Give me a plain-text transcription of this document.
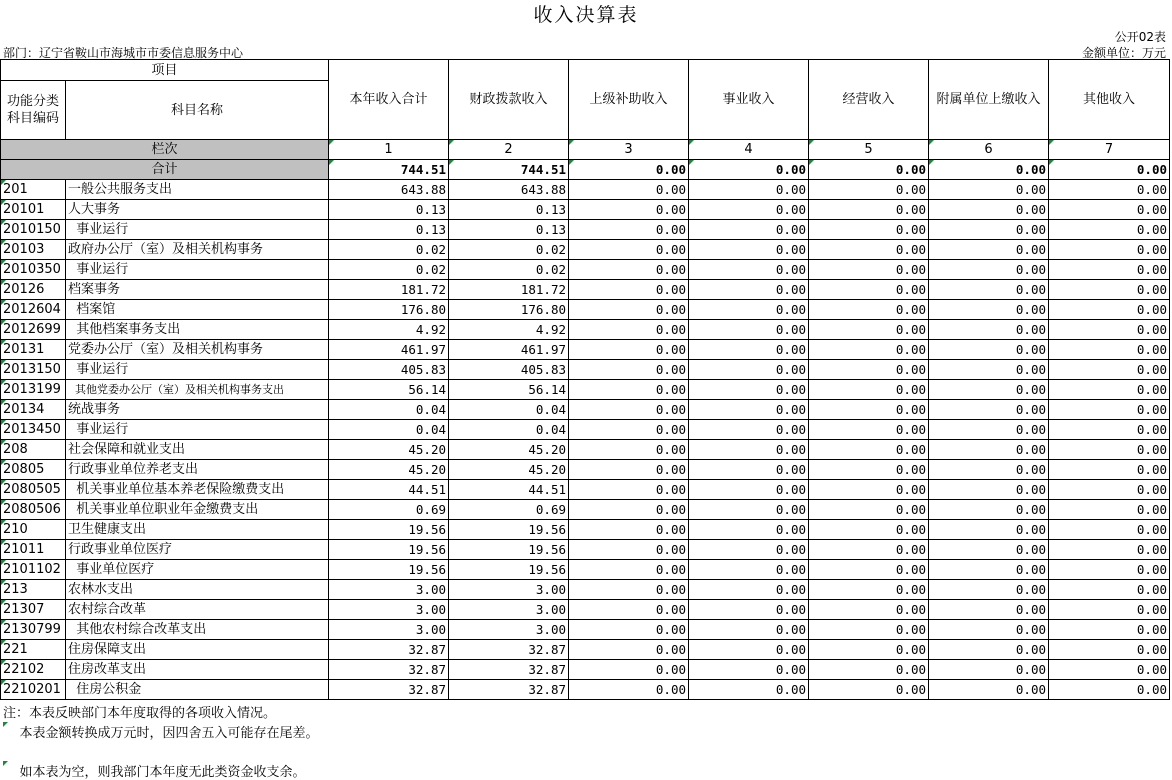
收入决算表
公开02表
部门：辽宁省鞍山市海城市市委信息服务中心	金额单位：万元
项目		本年收入合计	财政拨款收入	上级补助收入	事业收入	经营收入	附属单位上缴收入	其他收入
功能分类科目编码	科目名称							
栏次		1	2	3	4	5	6	7
合计		744.51	744.51	0.00	0.00	0.00	0.00	0.00
201	一般公共服务支出	643.88	643.88	0.00	0.00	0.00	0.00	0.00
20101	人大事务	0.13	0.13	0.00	0.00	0.00	0.00	0.00
2010150	事业运行	0.13	0.13	0.00	0.00	0.00	0.00	0.00
20103	政府办公厅（室）及相关机构事务	0.02	0.02	0.00	0.00	0.00	0.00	0.00
2010350	事业运行	0.02	0.02	0.00	0.00	0.00	0.00	0.00
20126	档案事务	181.72	181.72	0.00	0.00	0.00	0.00	0.00
2012604	档案馆	176.80	176.80	0.00	0.00	0.00	0.00	0.00
2012699	其他档案事务支出	4.92	4.92	0.00	0.00	0.00	0.00	0.00
20131	党委办公厅（室）及相关机构事务	461.97	461.97	0.00	0.00	0.00	0.00	0.00
2013150	事业运行	405.83	405.83	0.00	0.00	0.00	0.00	0.00
2013199	其他党委办公厅（室）及相关机构事务支出	56.14	56.14	0.00	0.00	0.00	0.00	0.00
20134	统战事务	0.04	0.04	0.00	0.00	0.00	0.00	0.00
2013450	事业运行	0.04	0.04	0.00	0.00	0.00	0.00	0.00
208	社会保障和就业支出	45.20	45.20	0.00	0.00	0.00	0.00	0.00
20805	行政事业单位养老支出	45.20	45.20	0.00	0.00	0.00	0.00	0.00
2080505	机关事业单位基本养老保险缴费支出	44.51	44.51	0.00	0.00	0.00	0.00	0.00
2080506	机关事业单位职业年金缴费支出	0.69	0.69	0.00	0.00	0.00	0.00	0.00
210	卫生健康支出	19.56	19.56	0.00	0.00	0.00	0.00	0.00
21011	行政事业单位医疗	19.56	19.56	0.00	0.00	0.00	0.00	0.00
2101102	事业单位医疗	19.56	19.56	0.00	0.00	0.00	0.00	0.00
213	农林水支出	3.00	3.00	0.00	0.00	0.00	0.00	0.00
21307	农村综合改革	3.00	3.00	0.00	0.00	0.00	0.00	0.00
2130799	其他农村综合改革支出	3.00	3.00	0.00	0.00	0.00	0.00	0.00
221	住房保障支出	32.87	32.87	0.00	0.00	0.00	0.00	0.00
22102	住房改革支出	32.87	32.87	0.00	0.00	0.00	0.00	0.00
2210201	住房公积金	32.87	32.87	0.00	0.00	0.00	0.00	0.00
注：本表反映部门本年度取得的各项收入情况。
本表金额转换成万元时，因四舍五入可能存在尾差。
如本表为空，则我部门本年度无此类资金收支余。
